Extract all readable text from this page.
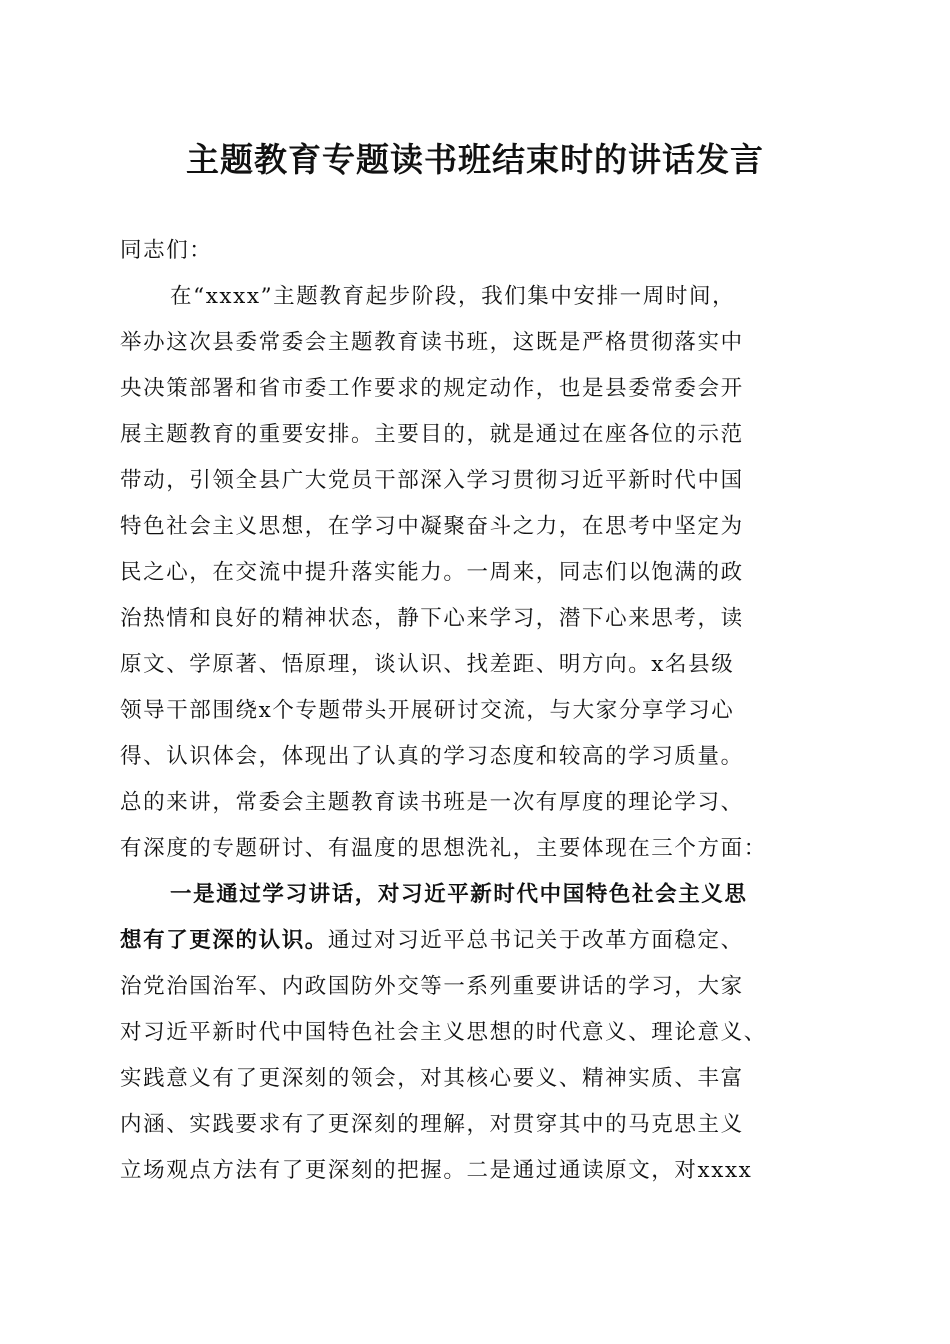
主题教育专题读书班结束时的讲话发言
同志们：
在“xxxx”主题教育起步阶段，我们集中安排一周时间，
举办这次县委常委会主题教育读书班，这既是严格贯彻落实中
央决策部署和省市委工作要求的规定动作，也是县委常委会开
展主题教育的重要安排。主要目的，就是通过在座各位的示范
带动，引领全县广大党员干部深入学习贯彻习近平新时代中国
特色社会主义思想，在学习中凝聚奋斗之力，在思考中坚定为
民之心，在交流中提升落实能力。一周来，同志们以饱满的政
治热情和良好的精神状态，静下心来学习，潜下心来思考，读
原文、学原著、悟原理，谈认识、找差距、明方向。x名县级
领导干部围绕x个专题带头开展研讨交流，与大家分享学习心
得、认识体会，体现出了认真的学习态度和较高的学习质量。
总的来讲，常委会主题教育读书班是一次有厚度的理论学习、
有深度的专题研讨、有温度的思想洗礼，主要体现在三个方面：
一是通过学习讲话，对习近平新时代中国特色社会主义思
想有了更深的认识。通过对习近平总书记关于改革方面稳定、
治党治国治军、内政国防外交等一系列重要讲话的学习，大家
对习近平新时代中国特色社会主义思想的时代意义、理论意义、
实践意义有了更深刻的领会，对其核心要义、精神实质、丰富
内涵、实践要求有了更深刻的理解，对贯穿其中的马克思主义
立场观点方法有了更深刻的把握。二是通过通读原文，对xxxx
